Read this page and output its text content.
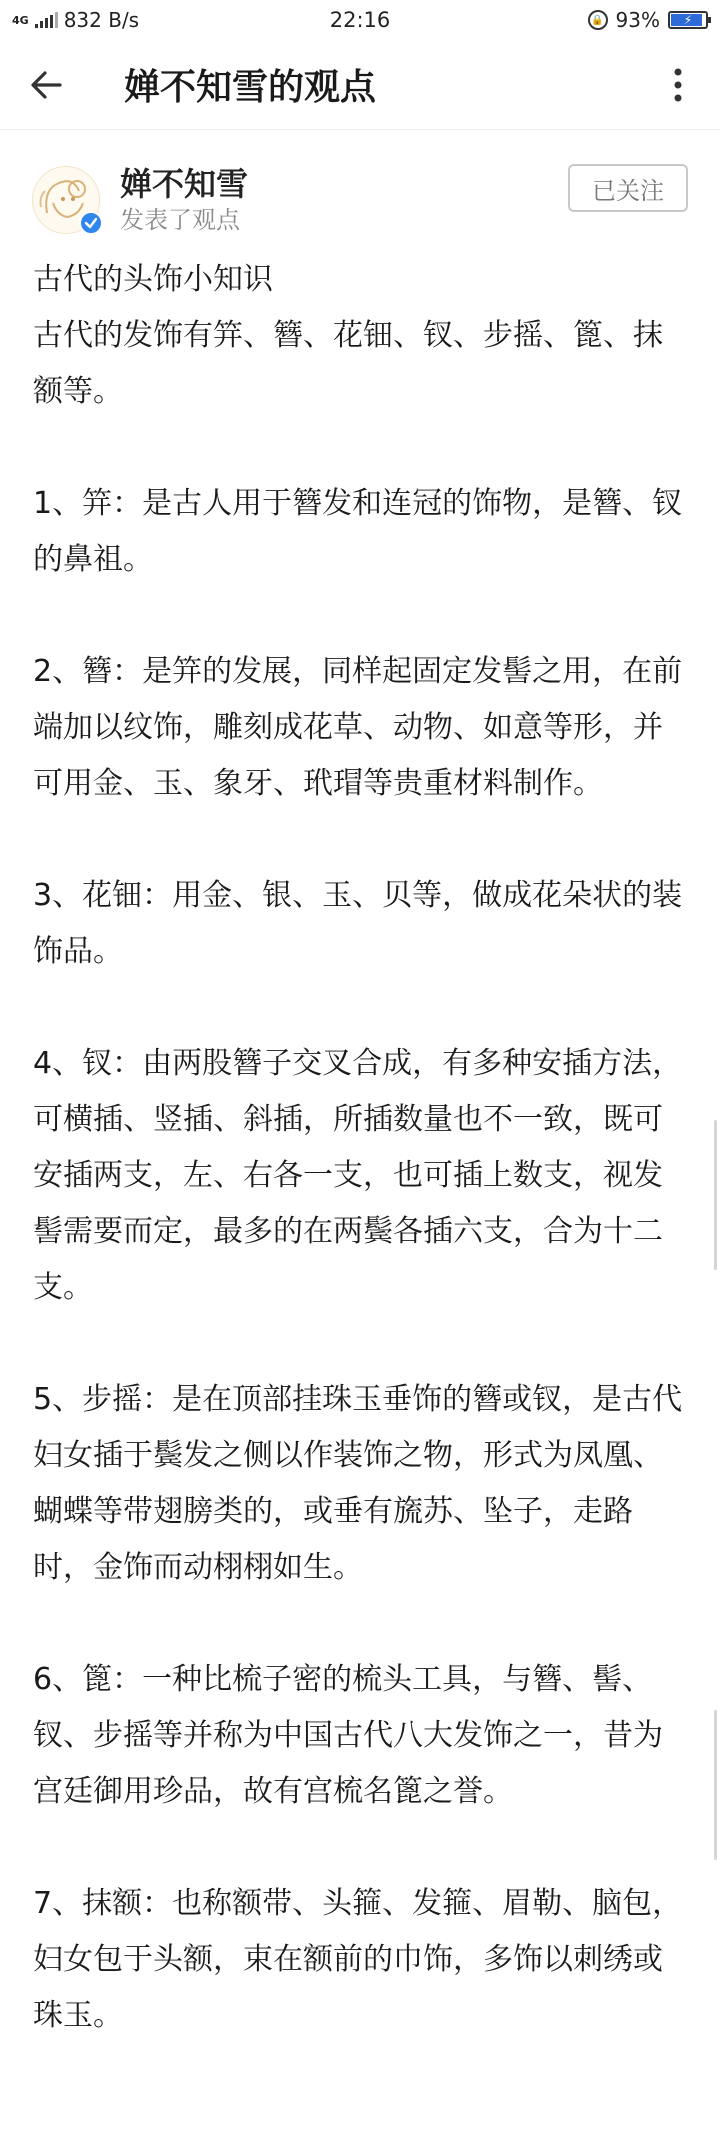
4G 832 B/s	22:16	🔒 93% ⚡
婵不知雪的观点
婵不知雪
发表了观点
已关注

古代的头饰小知识

古代的发饰有笄、簪、花钿、钗、步摇、篦、抹额等。

1、笄：是古人用于簪发和连冠的饰物，是簪、钗的鼻祖。

2、簪：是笄的发展，同样起固定发髻之用，在前端加以纹饰，雕刻成花草、动物、如意等形，并可用金、玉、象牙、玳瑁等贵重材料制作。

3、花钿：用金、银、玉、贝等，做成花朵状的装饰品。

4、钗：由两股簪子交叉合成，有多种安插方法，可横插、竖插、斜插，所插数量也不一致，既可安插两支，左、右各一支，也可插上数支，视发髻需要而定，最多的在两鬓各插六支，合为十二支。

5、步摇：是在顶部挂珠玉垂饰的簪或钗，是古代妇女插于鬓发之侧以作装饰之物，形式为凤凰、蝴蝶等带翅膀类的，或垂有旒苏、坠子，走路时，金饰而动栩栩如生。

6、篦：一种比梳子密的梳头工具，与簪、髻、钗、步摇等并称为中国古代八大发饰之一，昔为宫廷御用珍品，故有宫梳名篦之誉。

7、抹额：也称额带、头箍、发箍、眉勒、脑包，妇女包于头额，束在额前的巾饰，多饰以刺绣或珠玉。
